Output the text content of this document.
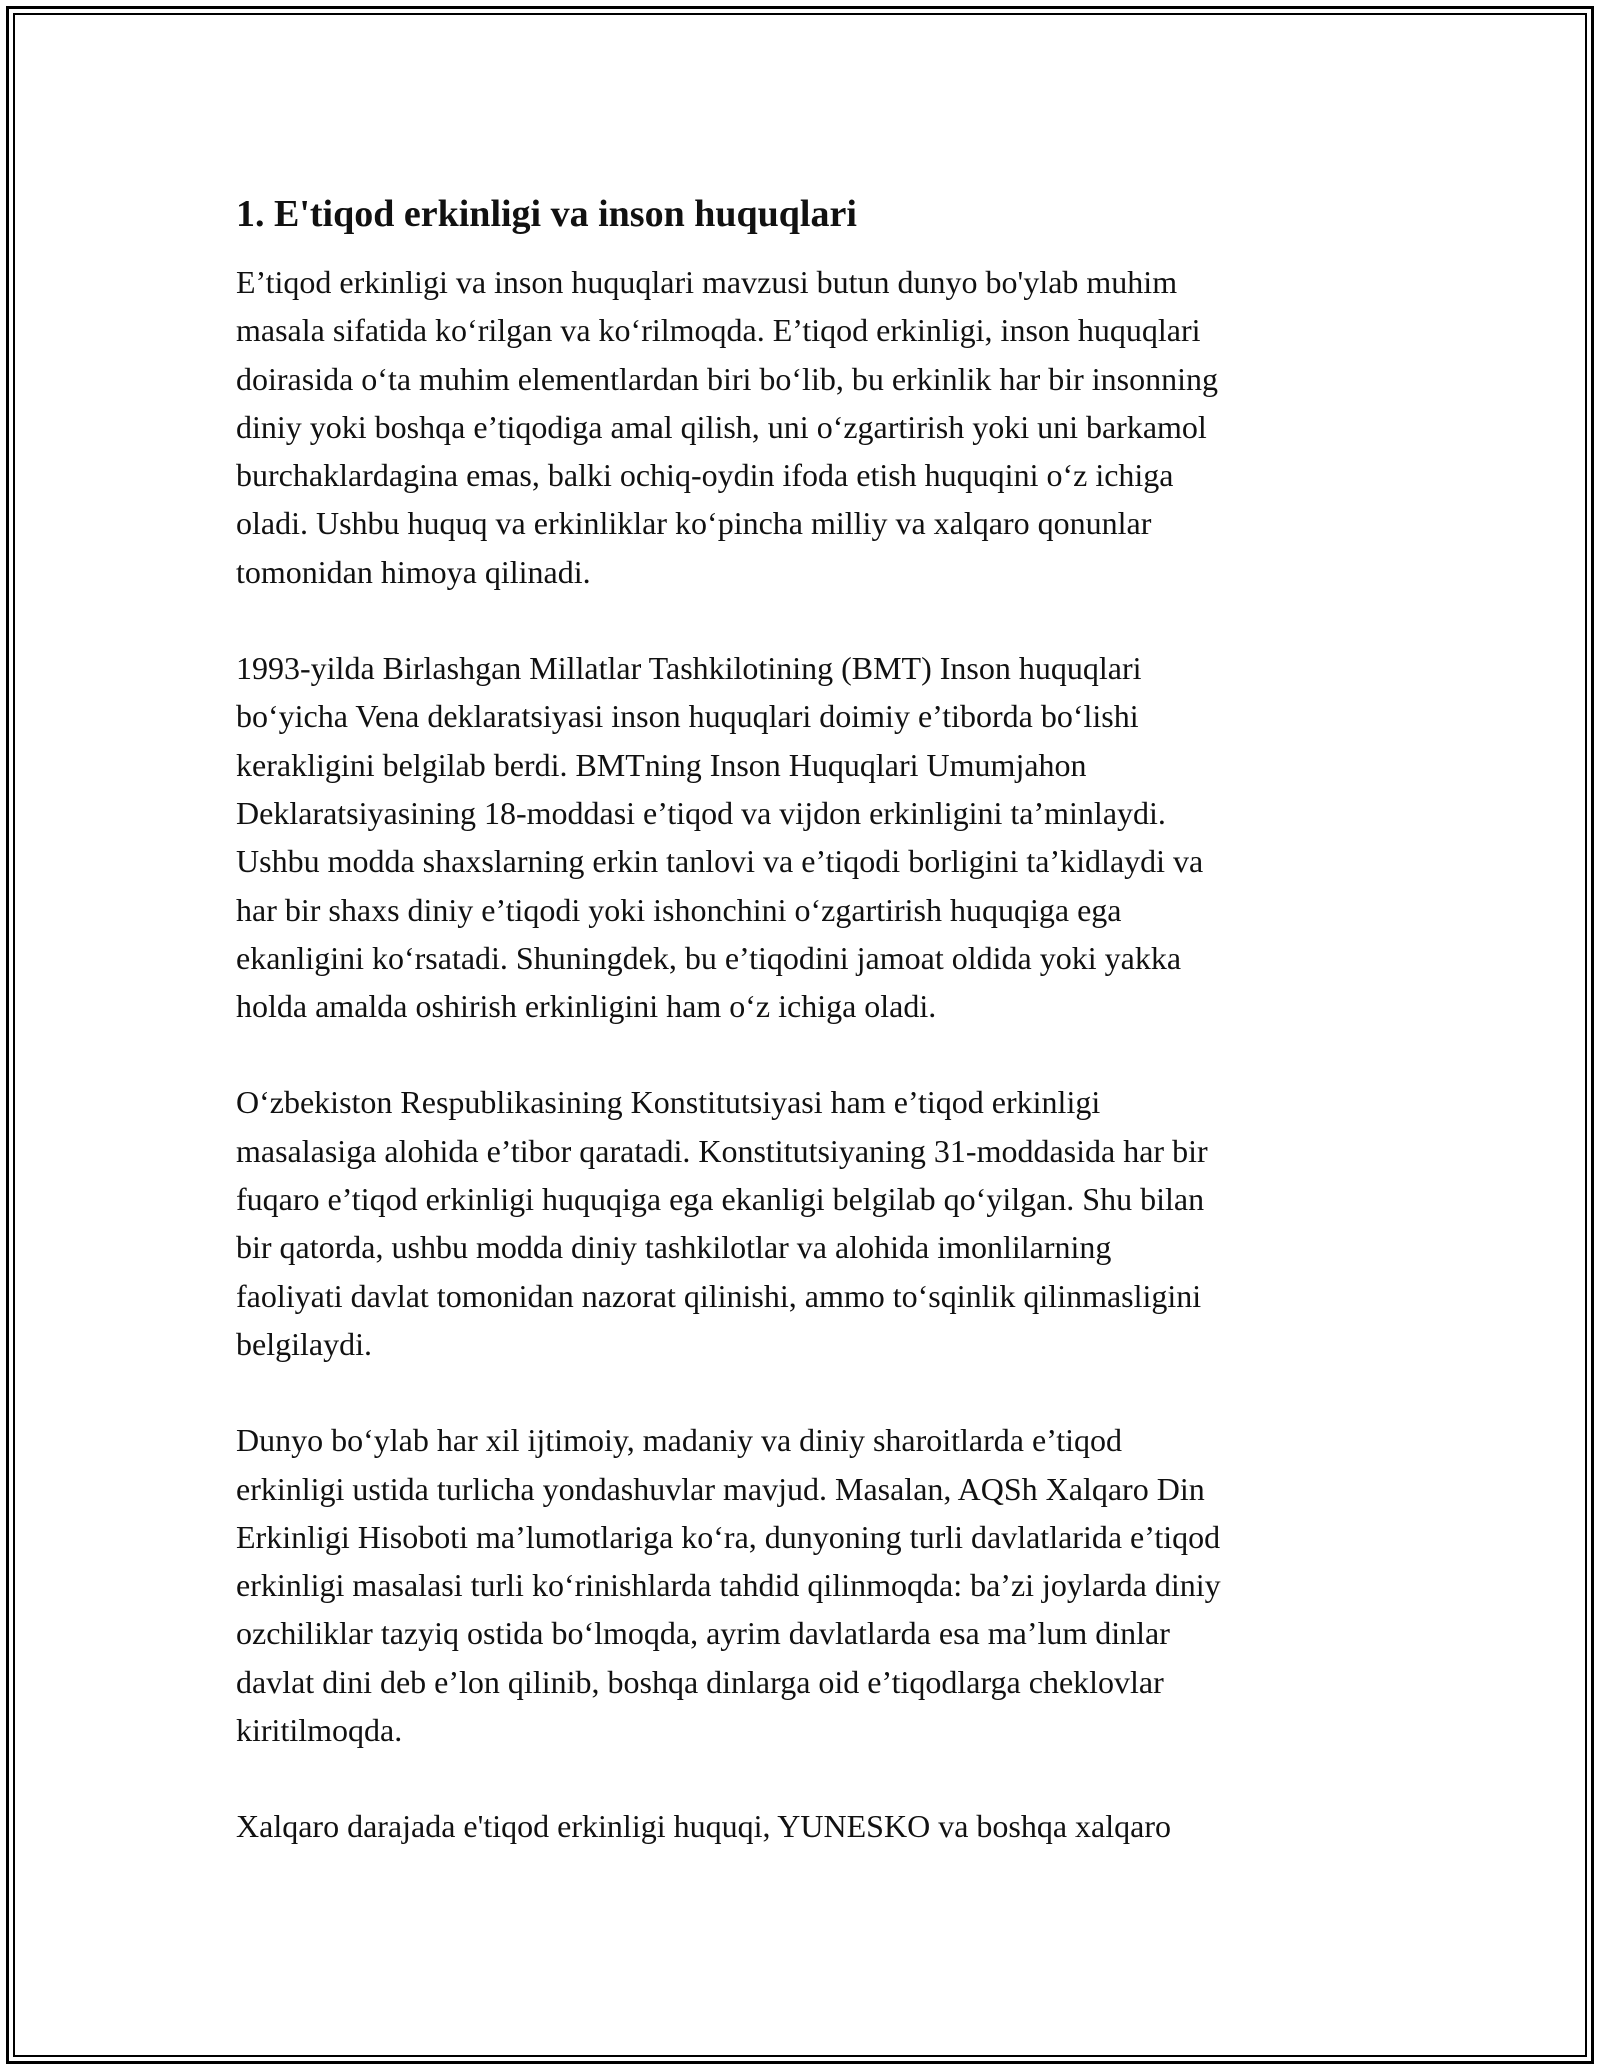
1. E'tiqod erkinligi va inson huquqlari

E’tiqod erkinligi va inson huquqlari mavzusi butun dunyo bo'ylab muhim
masala sifatida ko‘rilgan va ko‘rilmoqda. E’tiqod erkinligi, inson huquqlari
doirasida o‘ta muhim elementlardan biri bo‘lib, bu erkinlik har bir insonning
diniy yoki boshqa e’tiqodiga amal qilish, uni o‘zgartirish yoki uni barkamol
burchaklardagina emas, balki ochiq-oydin ifoda etish huquqini o‘z ichiga
oladi. Ushbu huquq va erkinliklar ko‘pincha milliy va xalqaro qonunlar
tomonidan himoya qilinadi.

1993-yilda Birlashgan Millatlar Tashkilotining (BMT) Inson huquqlari
bo‘yicha Vena deklaratsiyasi inson huquqlari doimiy e’tiborda bo‘lishi
kerakligini belgilab berdi. BMTning Inson Huquqlari Umumjahon
Deklaratsiyasining 18-moddasi e’tiqod va vijdon erkinligini ta’minlaydi.
Ushbu modda shaxslarning erkin tanlovi va e’tiqodi borligini ta’kidlaydi va
har bir shaxs diniy e’tiqodi yoki ishonchini o‘zgartirish huquqiga ega
ekanligini ko‘rsatadi. Shuningdek, bu e’tiqodini jamoat oldida yoki yakka
holda amalda oshirish erkinligini ham o‘z ichiga oladi.

O‘zbekiston Respublikasining Konstitutsiyasi ham e’tiqod erkinligi
masalasiga alohida e’tibor qaratadi. Konstitutsiyaning 31-moddasida har bir
fuqaro e’tiqod erkinligi huquqiga ega ekanligi belgilab qo‘yilgan. Shu bilan
bir qatorda, ushbu modda diniy tashkilotlar va alohida imonlilarning
faoliyati davlat tomonidan nazorat qilinishi, ammo to‘sqinlik qilinmasligini
belgilaydi.

Dunyo bo‘ylab har xil ijtimoiy, madaniy va diniy sharoitlarda e’tiqod
erkinligi ustida turlicha yondashuvlar mavjud. Masalan, AQSh Xalqaro Din
Erkinligi Hisoboti ma’lumotlariga ko‘ra, dunyoning turli davlatlarida e’tiqod
erkinligi masalasi turli ko‘rinishlarda tahdid qilinmoqda: ba’zi joylarda diniy
ozchiliklar tazyiq ostida bo‘lmoqda, ayrim davlatlarda esa ma’lum dinlar
davlat dini deb e’lon qilinib, boshqa dinlarga oid e’tiqodlarga cheklovlar
kiritilmoqda.

Xalqaro darajada e'tiqod erkinligi huquqi, YUNESKO va boshqa xalqaro
